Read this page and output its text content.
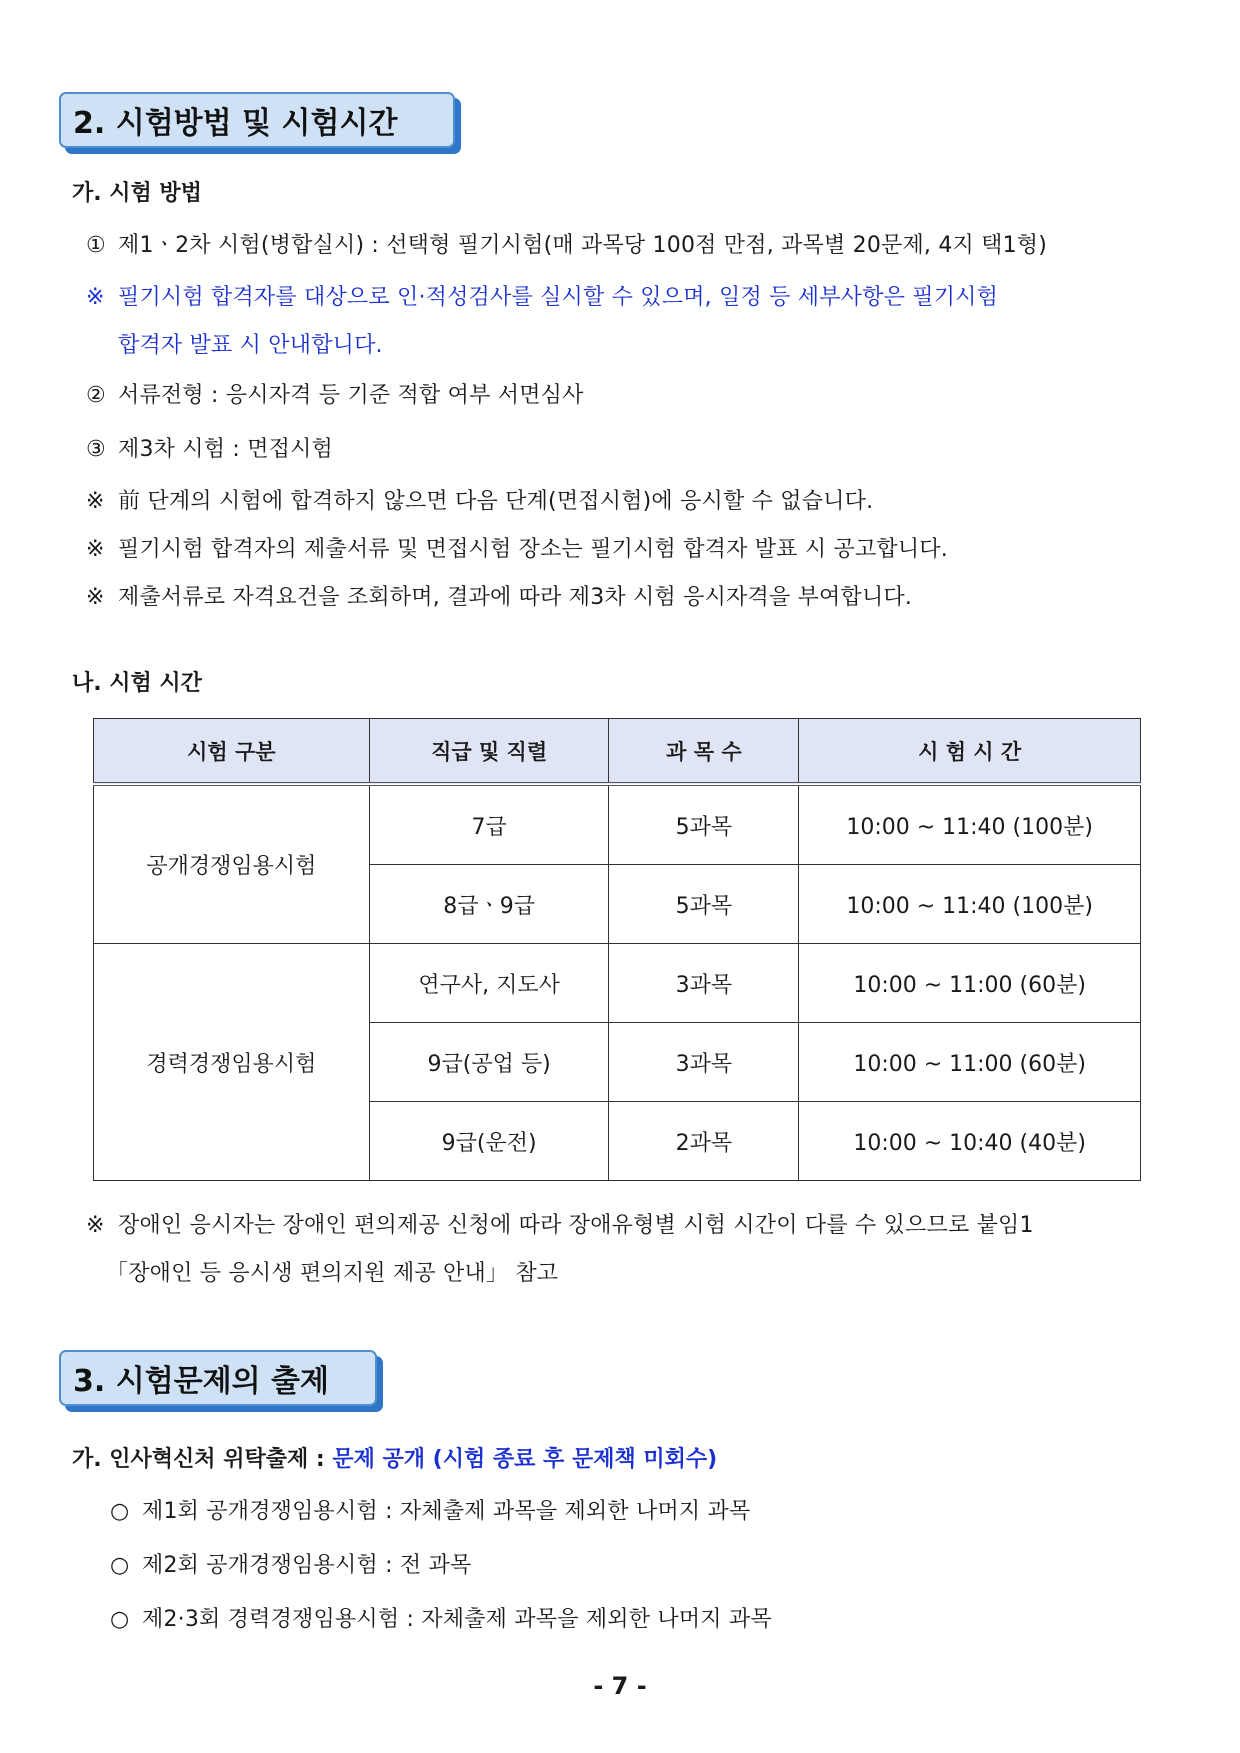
2. 시험방법 및 시험시간
가. 시험 방법
① 제1ㆍ2차 시험(병합실시) : 선택형 필기시험(매 과목당 100점 만점, 과목별 20문제, 4지 택1형)
※ 필기시험 합격자를 대상으로 인·적성검사를 실시할 수 있으며, 일정 등 세부사항은 필기시험
합격자 발표 시 안내합니다.
② 서류전형 : 응시자격 등 기준 적합 여부 서면심사
③ 제3차 시험 : 면접시험
※ 前 단계의 시험에 합격하지 않으면 다음 단계(면접시험)에 응시할 수 없습니다.
※ 필기시험 합격자의 제출서류 및 면접시험 장소는 필기시험 합격자 발표 시 공고합니다.
※ 제출서류로 자격요건을 조회하며, 결과에 따라 제3차 시험 응시자격을 부여합니다.
나. 시험 시간
시험 구분	직급 및 직렬	과 목 수	시 험 시 간
공개경쟁임용시험	7급	5과목	10:00 ~ 11:40 (100분)
	8급ㆍ9급	5과목	10:00 ~ 11:40 (100분)
경력경쟁임용시험	연구사, 지도사	3과목	10:00 ~ 11:00 (60분)
	9급(공업 등)	3과목	10:00 ~ 11:00 (60분)
	9급(운전)	2과목	10:00 ~ 10:40 (40분)
※ 장애인 응시자는 장애인 편의제공 신청에 따라 장애유형별 시험 시간이 다를 수 있으므로 붙임1
「장애인 등 응시생 편의지원 제공 안내」 참고
3. 시험문제의 출제
가. 인사혁신처 위탁출제 : 문제 공개 (시험 종료 후 문제책 미회수)
○ 제1회 공개경쟁임용시험 : 자체출제 과목을 제외한 나머지 과목
○ 제2회 공개경쟁임용시험 : 전 과목
○ 제2·3회 경력경쟁임용시험 : 자체출제 과목을 제외한 나머지 과목
- 7 -
